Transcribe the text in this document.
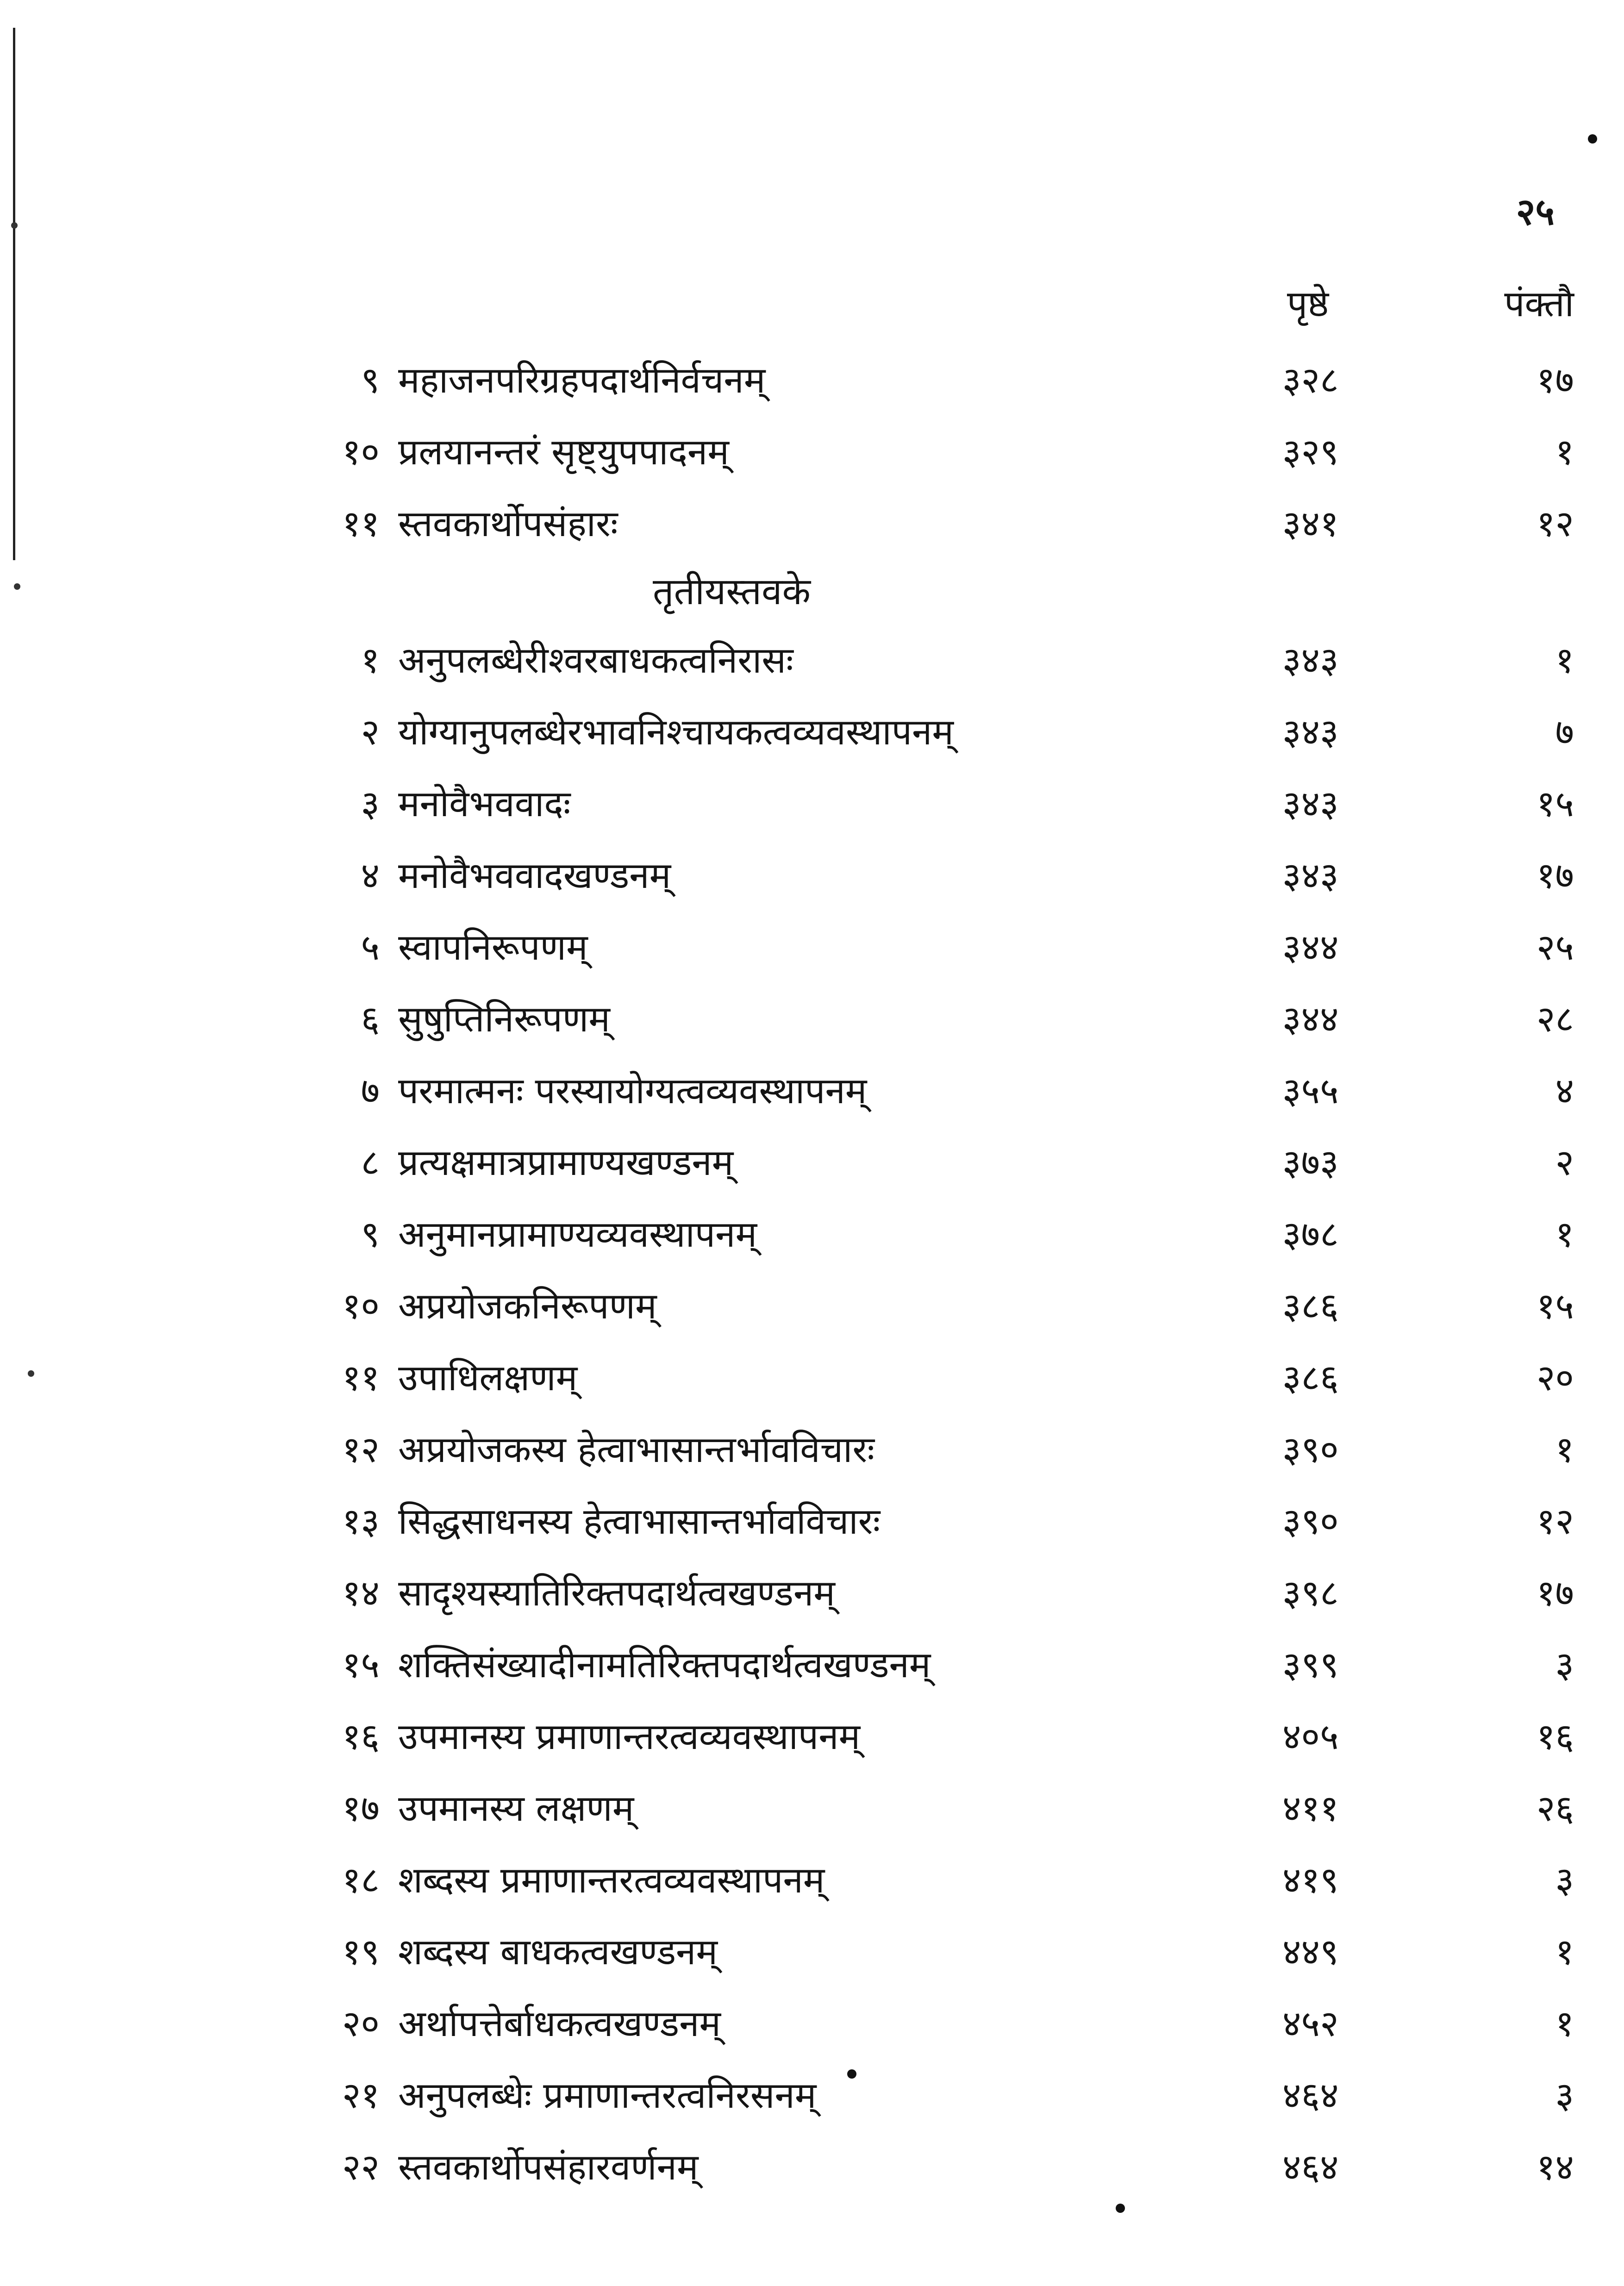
२५
पृष्ठे	पंक्तौ
९ महाजनपरिग्रहपदार्थनिर्वचनम्	३२८	१७
१० प्रलयानन्तरं सृष्ट्युपपादनम्	३२९	१
११ स्तवकार्थोपसंहारः	३४१	१२
तृतीयस्तवके
१ अनुपलब्धेरीश्वरबाधकत्वनिरासः	३४३	१
२ योग्यानुपलब्धेरभावनिश्चायकत्वव्यवस्थापनम्	३४३	७
३ मनोवैभववादः	३४३	१५
४ मनोवैभववादखण्डनम्	३४३	१७
५ स्वापनिरूपणम्	३४४	२५
६ सुषुप्तिनिरूपणम्	३४४	२८
७ परमात्मनः परस्यायोग्यत्वव्यवस्थापनम्	३५५	४
८ प्रत्यक्षमात्रप्रामाण्यखण्डनम्	३७३	२
९ अनुमानप्रामाण्यव्यवस्थापनम्	३७८	१
१० अप्रयोजकनिरूपणम्	३८६	१५
११ उपाधिलक्षणम्	३८६	२०
१२ अप्रयोजकस्य हेत्वाभासान्तर्भावविचारः	३९०	१
१३ सिद्धसाधनस्य हेत्वाभासान्तर्भावविचारः	३९०	१२
१४ सादृश्यस्यातिरिक्तपदार्थत्वखण्डनम्	३९८	१७
१५ शक्तिसंख्यादीनामतिरिक्तपदार्थत्वखण्डनम्	३९९	३
१६ उपमानस्य प्रमाणान्तरत्वव्यवस्थापनम्	४०५	१६
१७ उपमानस्य लक्षणम्	४११	२६
१८ शब्दस्य प्रमाणान्तरत्वव्यवस्थापनम्	४१९	३
१९ शब्दस्य बाधकत्वखण्डनम्	४४९	१
२० अर्थापत्तेर्बाधकत्वखण्डनम्	४५२	१
२१ अनुपलब्धेः प्रमाणान्तरत्वनिरसनम्	४६४	३
२२ स्तवकार्थोपसंहारवर्णनम्	४६४	१४
